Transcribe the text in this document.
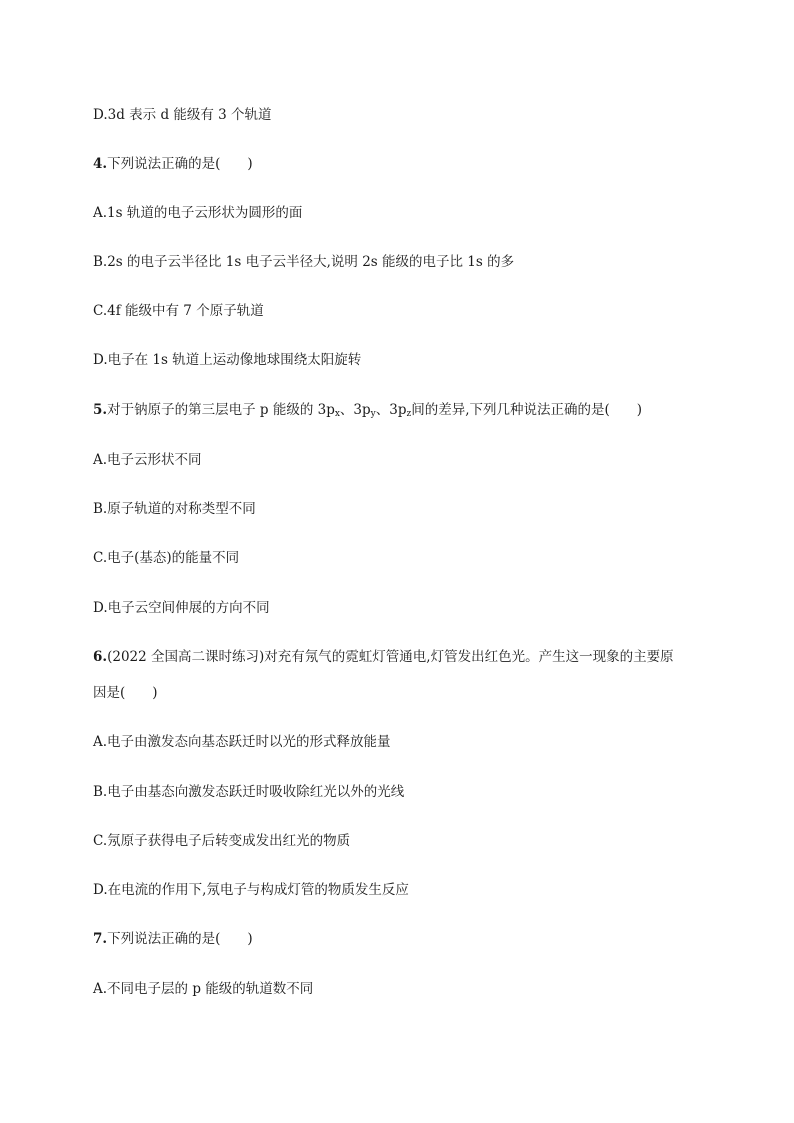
D.3d 表示 d 能级有 3 个轨道
4.下列说法正确的是(　　)
A.1s 轨道的电子云形状为圆形的面
B.2s 的电子云半径比 1s 电子云半径大,说明 2s 能级的电子比 1s 的多
C.4f 能级中有 7 个原子轨道
D.电子在 1s 轨道上运动像地球围绕太阳旋转
5.对于钠原子的第三层电子 p 能级的 $3p_x$、$3p_y$、$3p_z$间的差异,下列几种说法正确的是(　　)
A.电子云形状不同
B.原子轨道的对称类型不同
C.电子(基态)的能量不同
D.电子云空间伸展的方向不同
6.(2022 全国高二课时练习)对充有氖气的霓虹灯管通电,灯管发出红色光。产生这一现象的主要原
因是(　　)
A.电子由激发态向基态跃迁时以光的形式释放能量
B.电子由基态向激发态跃迁时吸收除红光以外的光线
C.氖原子获得电子后转变成发出红光的物质
D.在电流的作用下,氖电子与构成灯管的物质发生反应
7.下列说法正确的是(　　)
A.不同电子层的 p 能级的轨道数不同
